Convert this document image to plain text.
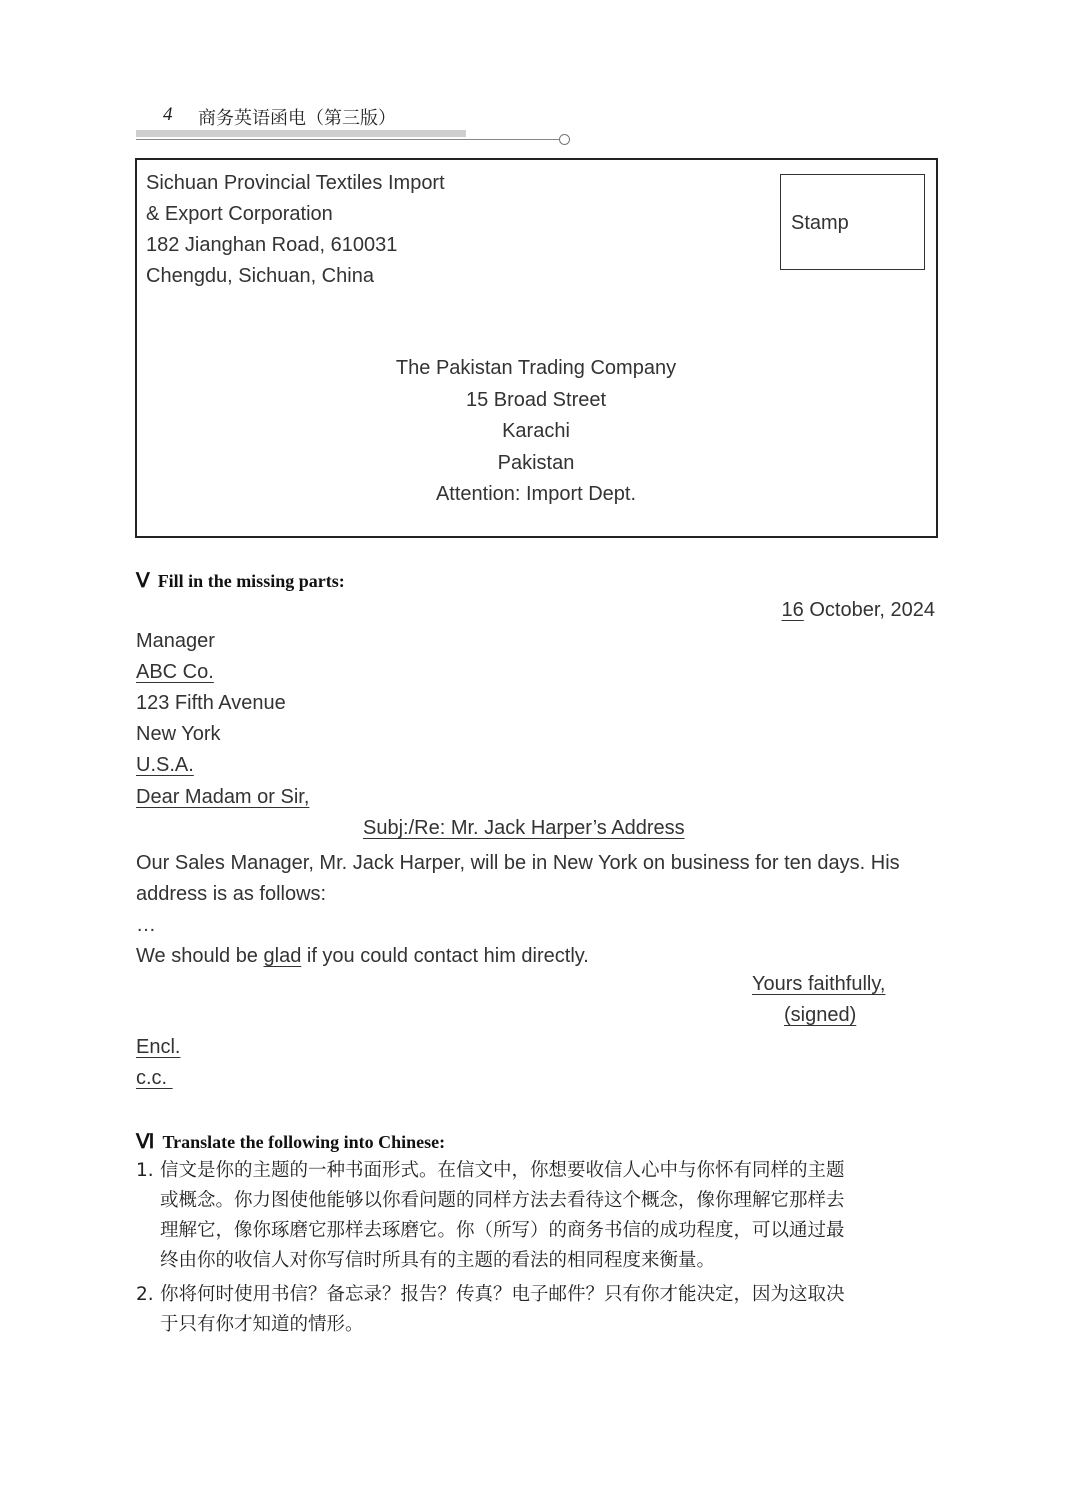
4 商务英语函电（第三版）
Sichuan Provincial Textiles Import
& Export Corporation
182 Jianghan Road, 610031
Chengdu, Sichuan, China
Stamp
The Pakistan Trading Company
15 Broad Street
Karachi
Pakistan
Attention: Import Dept.
Ⅴ Fill in the missing parts:
16 October, 2024
Manager
ABC Co.
123 Fifth Avenue
New York
U.S.A.
Dear Madam or Sir,
Subj:/Re: Mr. Jack Harper’s Address
Our Sales Manager, Mr. Jack Harper, will be in New York on business for ten days. His
address is as follows:
…
We should be glad if you could contact him directly.
Yours faithfully,
(signed)
Encl.
c.c.
Ⅵ Translate the following into Chinese:
1. 信文是你的主题的一种书面形式。在信文中，你想要收信人心中与你怀有同样的主题
或概念。你力图使他能够以你看问题的同样方法去看待这个概念，像你理解它那样去
理解它，像你琢磨它那样去琢磨它。你（所写）的商务书信的成功程度，可以通过最
终由你的收信人对你写信时所具有的主题的看法的相同程度来衡量。
2. 你将何时使用书信？备忘录？报告？传真？电子邮件？只有你才能决定，因为这取决
于只有你才知道的情形。
